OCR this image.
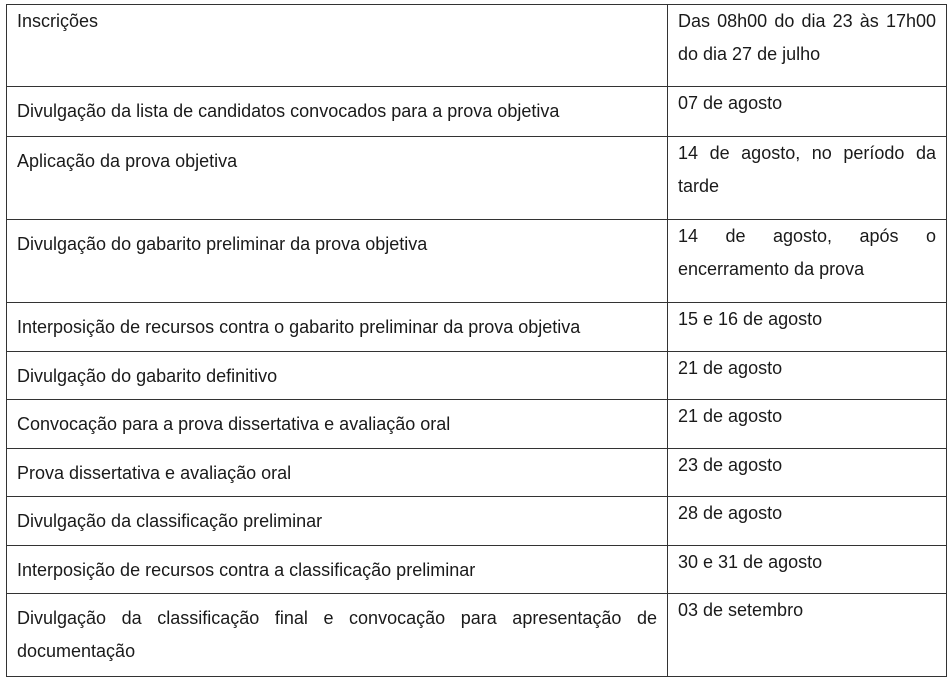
Inscrições	Das 08h00 do dia 23 às 17h00 do dia 27 de julho

Divulgação da lista de candidatos convocados para a prova objetiva	07 de agosto

Aplicação da prova objetiva	14 de agosto, no período da tarde

Divulgação do gabarito preliminar da prova objetiva	14 de agosto, após o encerramento da prova

Interposição de recursos contra o gabarito preliminar da prova objetiva	15 e 16 de agosto

Divulgação do gabarito definitivo	21 de agosto

Convocação para a prova dissertativa e avaliação oral	21 de agosto

Prova dissertativa e avaliação oral	23 de agosto

Divulgação da classificação preliminar	28 de agosto

Interposição de recursos contra a classificação preliminar	30 e 31 de agosto

Divulgação da classificação final e convocação para apresentação de documentação	03 de setembro
